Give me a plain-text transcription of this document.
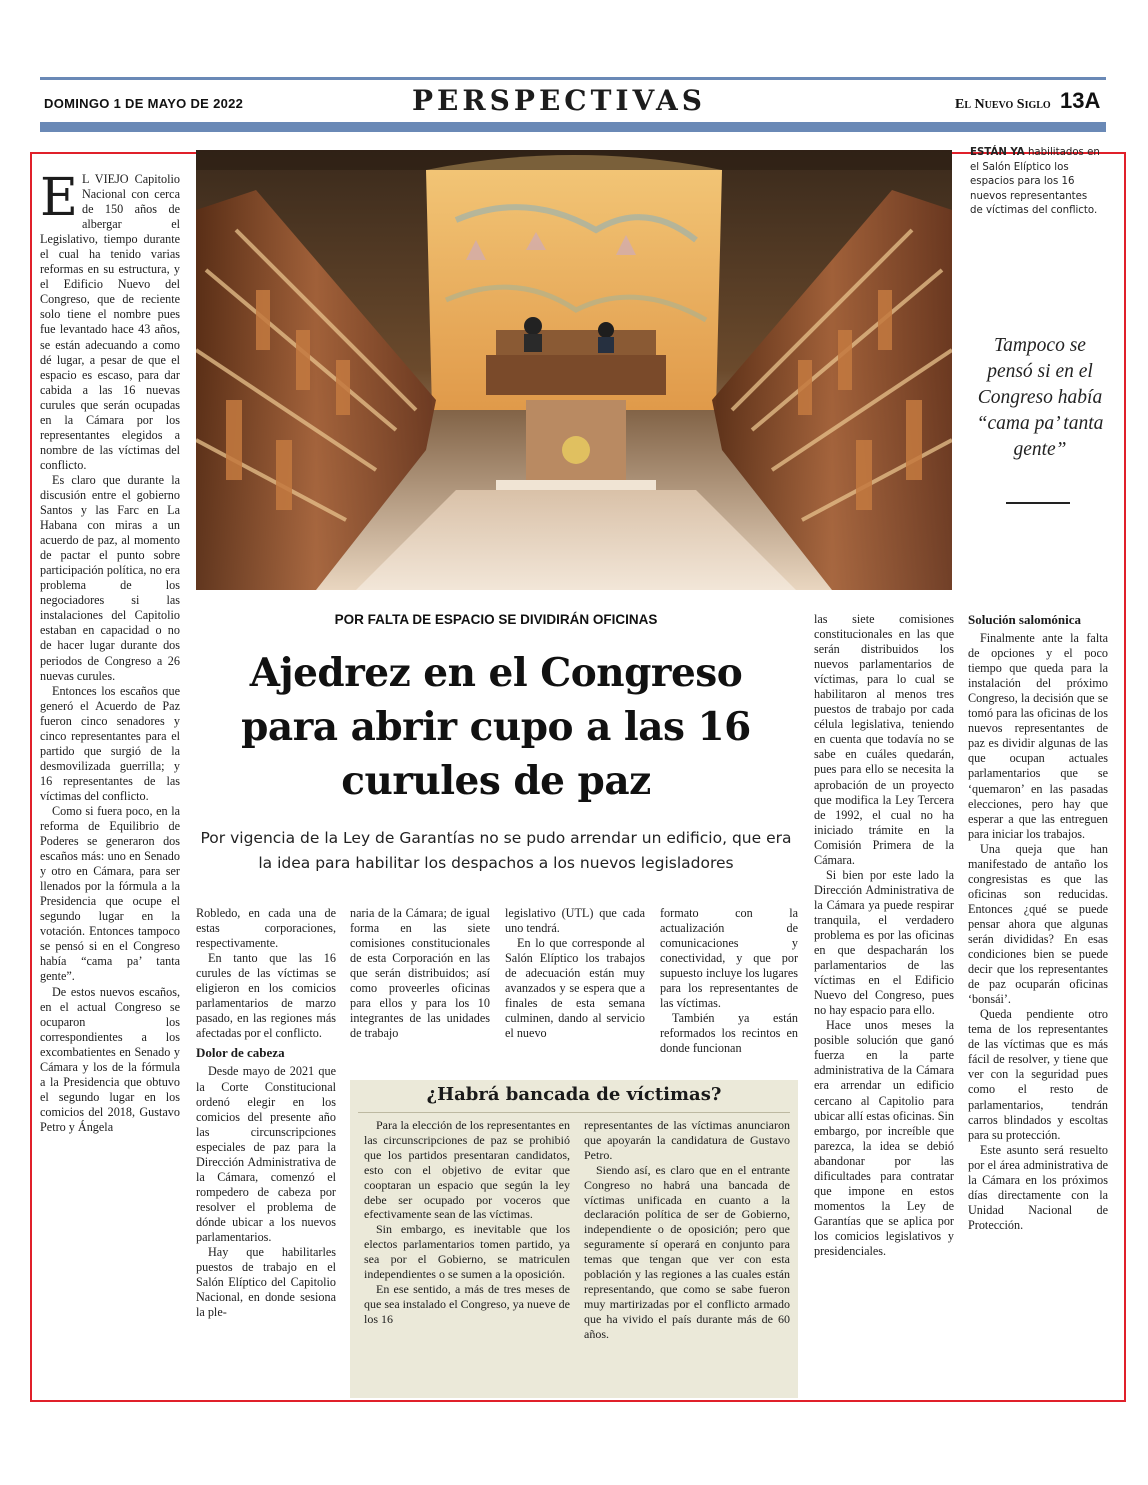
DOMINGO 1 DE MAYO DE 2022	PERSPECTIVAS	El Nuevo Siglo 13A
ESTÁN YA habilitados en el Salón Elíptico los espacios para los 16 nuevos representantes de víctimas del conflicto.
Tampoco se pensó si en el Congreso había “cama pa’ tanta gente”
POR FALTA DE ESPACIO SE DIVIDIRÁN OFICINAS
Ajedrez en el Congreso para abrir cupo a las 16 curules de paz
Por vigencia de la Ley de Garantías no se pudo arrendar un edificio, que era la idea para habilitar los despachos a los nuevos legisladores

E L VIEJO Capitolio Nacional con cerca de 150 años de albergar el Legislativo, tiempo durante el cual ha tenido varias reformas en su estructura, y el Edificio Nuevo del Congreso, que de reciente solo tiene el nombre pues fue levantado hace 43 años, se están adecuando a como dé lugar, a pesar de que el espacio es escaso, para dar cabida a las 16 nuevas curules que serán ocupadas en la Cámara por los representantes elegidos a nombre de las víctimas del conflicto.

Es claro que durante la discusión entre el gobierno Santos y las Farc en La Habana con miras a un acuerdo de paz, al momento de pactar el punto sobre participación política, no era problema de los negociadores si las instalaciones del Capitolio estaban en capacidad o no de hacer lugar durante dos periodos de Congreso a 26 nuevas curules.

Entonces los escaños que generó el Acuerdo de Paz fueron cinco senadores y cinco representantes para el partido que surgió de la desmovilizada guerrilla; y 16 representantes de las víctimas del conflicto.

Como si fuera poco, en la reforma de Equilibrio de Poderes se generaron dos escaños más: uno en Senado y otro en Cámara, para ser llenados por la fórmula a la Presidencia que ocupe el segundo lugar en la votación. Entonces tampoco se pensó si en el Congreso había “cama pa’ tanta gente”.

De estos nuevos escaños, en el actual Congreso se ocuparon los correspondientes a los excombatientes en Senado y Cámara y los de la fórmula a la Presidencia que obtuvo el segundo lugar en los comicios del 2018, Gustavo Petro y Ángela

Robledo, en cada una de estas corporaciones, respectivamente.

En tanto que las 16 curules de las víctimas se eligieron en los comicios parlamentarios de marzo pasado, en las regiones más afectadas por el conflicto.

Dolor de cabeza

Desde mayo de 2021 que la Corte Constitucional ordenó elegir en los comicios del presente año las circunscripciones especiales de paz para la Dirección Administrativa de la Cámara, comenzó el rompedero de cabeza por resolver el problema de dónde ubicar a los nuevos parlamentarios.

Hay que habilitarles puestos de trabajo en el Salón Elíptico del Capitolio Nacional, en donde sesiona la ple-

naria de la Cámara; de igual forma en las siete comisiones constitucionales de esta Corporación en las que serán distribuidos; así como proveerles oficinas para ellos y para los 10 integrantes de las unidades de trabajo

legislativo (UTL) que cada uno tendrá.

En lo que corresponde al Salón Elíptico los trabajos de adecuación están muy avanzados y se espera que a finales de esta semana culminen, dando al servicio el nuevo

formato con la actualización de comunicaciones y conectividad, y que por supuesto incluye los lugares para los representantes de las víctimas.

También ya están reformados los recintos en donde funcionan

las siete comisiones constitucionales en las que serán distribuidos los nuevos parlamentarios de víctimas, para lo cual se habilitaron al menos tres puestos de trabajo por cada célula legislativa, teniendo en cuenta que todavía no se sabe en cuáles quedarán, pues para ello se necesita la aprobación de un proyecto que modifica la Ley Tercera de 1992, el cual no ha iniciado trámite en la Comisión Primera de la Cámara.

Si bien por este lado la Dirección Administrativa de la Cámara ya puede respirar tranquila, el verdadero problema es por las oficinas en que despacharán los parlamentarios de las víctimas en el Edificio Nuevo del Congreso, pues no hay espacio para ello.

Hace unos meses la posible solución que ganó fuerza en la parte administrativa de la Cámara era arrendar un edificio cercano al Capitolio para ubicar allí estas oficinas. Sin embargo, por increíble que parezca, la idea se debió abandonar por las dificultades para contratar que impone en estos momentos la Ley de Garantías que se aplica por los comicios legislativos y presidenciales.

Solución salomónica

Finalmente ante la falta de opciones y el poco tiempo que queda para la instalación del próximo Congreso, la decisión que se tomó para las oficinas de los nuevos representantes de paz es dividir algunas de las que ocupan actuales parlamentarios que se ‘quemaron’ en las pasadas elecciones, pero hay que esperar a que las entreguen para iniciar los trabajos.

Una queja que han manifestado de antaño los congresistas es que las oficinas son reducidas. Entonces ¿qué se puede pensar ahora que algunas serán divididas? En esas condiciones bien se puede decir que los representantes de paz ocuparán oficinas ‘bonsái’.

Queda pendiente otro tema de los representantes de las víctimas que es más fácil de resolver, y tiene que ver con la seguridad pues como el resto de parlamentarios, tendrán carros blindados y escoltas para su protección.

Este asunto será resuelto por el área administrativa de la Cámara en los próximos días directamente con la Unidad Nacional de Protección.

¿Habrá bancada de víctimas?

Para la elección de los representantes en las circunscripciones de paz se prohibió que los partidos presentaran candidatos, esto con el objetivo de evitar que cooptaran un espacio que según la ley debe ser ocupado por voceros que efectivamente sean de las víctimas.

Sin embargo, es inevitable que los electos parlamentarios tomen partido, ya sea por el Gobierno, se matriculen independientes o se sumen a la oposición.

En ese sentido, a más de tres meses de que sea instalado el Congreso, ya nueve de los 16

representantes de las víctimas anunciaron que apoyarán la candidatura de Gustavo Petro.

Siendo así, es claro que en el entrante Congreso no habrá una bancada de víctimas unificada en cuanto a la declaración política de ser de Gobierno, independiente o de oposición; pero que seguramente sí operará en conjunto para temas que tengan que ver con esta población y las regiones a las cuales están representando, que como se sabe fueron muy martirizadas por el conflicto armado que ha vivido el país durante más de 60 años.
